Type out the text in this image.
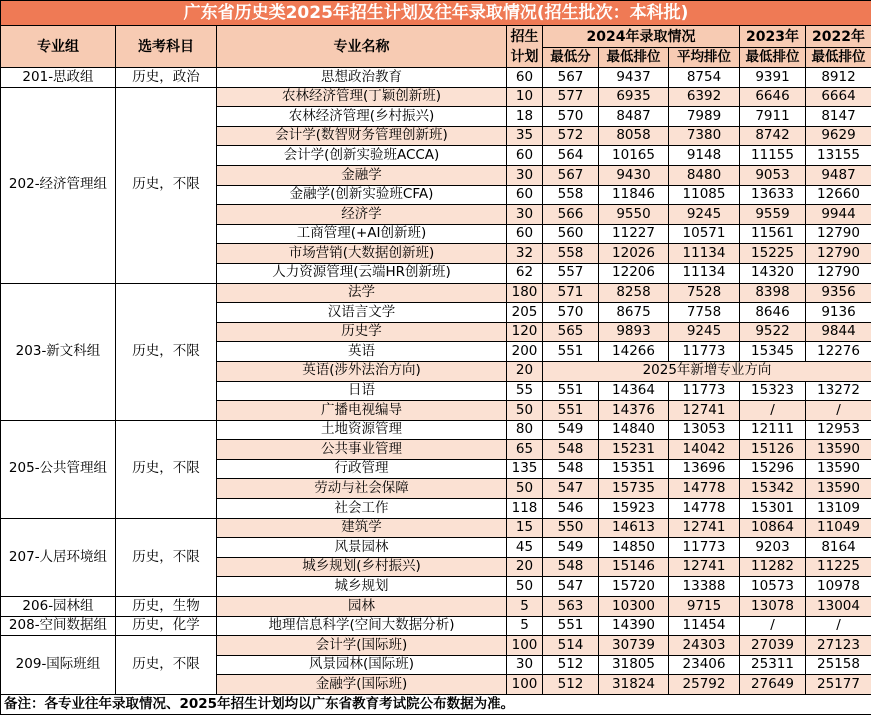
广东省历史类2025年招生计划及往年录取情况(招生批次：本科批)								
专业组	选考科目	专业名称	招生计划	2024年录取情况			2023年	2022年
				最低分	最低排位	平均排位	最低排位	最低排位
201-思政组	历史，政治	思想政治教育	60	567	9437	8754	9391	8912
202-经济管理组	历史，不限	农林经济管理(丁颖创新班)	10	577	6935	6392	6646	6664
		农林经济管理(乡村振兴)	18	570	8487	7989	7911	8147
		会计学(数智财务管理创新班)	35	572	8058	7380	8742	9629
		会计学(创新实验班ACCA)	60	564	10165	9148	11155	13155
		金融学	30	567	9430	8480	9053	9487
		金融学(创新实验班CFA)	60	558	11846	11085	13633	12660
		经济学	30	566	9550	9245	9559	9944
		工商管理(+AI创新班)	60	560	11227	10571	11561	12790
		市场营销(大数据创新班)	32	558	12026	11134	15225	12790
		人力资源管理(云端HR创新班)	62	557	12206	11134	14320	12790
203-新文科组	历史，不限	法学	180	571	8258	7528	8398	9356
		汉语言文学	205	570	8675	7758	8646	9136
		历史学	120	565	9893	9245	9522	9844
		英语	200	551	14266	11773	15345	12276
		英语(涉外法治方向)	20	2025年新增专业方向				
		日语	55	551	14364	11773	15323	13272
		广播电视编导	50	551	14376	12741	/	/
205-公共管理组	历史，不限	土地资源管理	80	549	14840	13053	12111	12953
		公共事业管理	65	548	15231	14042	15126	13590
		行政管理	135	548	15351	13696	15296	13590
		劳动与社会保障	50	547	15735	14778	15342	13590
		社会工作	118	546	15923	14778	15301	13109
207-人居环境组	历史，不限	建筑学	15	550	14613	12741	10864	11049
		风景园林	45	549	14850	11773	9203	8164
		城乡规划(乡村振兴)	20	548	15146	12741	11282	11225
		城乡规划	50	547	15720	13388	10573	10978
206-园林组	历史，生物	园林	5	563	10300	9715	13078	13004
208-空间数据组	历史，化学	地理信息科学(空间大数据分析)	5	551	14390	11454	/	/
209-国际班组	历史，不限	会计学(国际班)	100	514	30739	24303	27039	27123
		风景园林(国际班)	30	512	31805	23406	25311	25158
		金融学(国际班)	100	512	31824	25792	27649	25177
备注：各专业往年录取情况、2025年招生计划均以广东省教育考试院公布数据为准。								
